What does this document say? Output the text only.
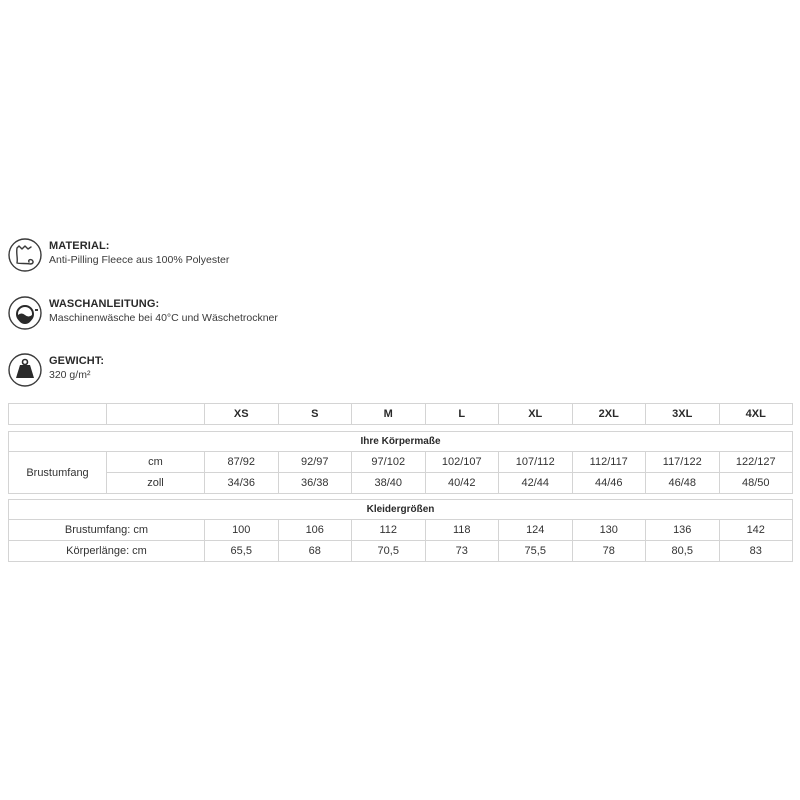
MATERIAL:
Anti-Pilling Fleece aus 100% Polyester
WASCHANLEITUNG:
Maschinenwäsche bei 40°C und Wäschetrockner
GEWICHT:
320 g/m²
		XS	S	M	L	XL	2XL	3XL	4XL
Ihre Körpermaße									
Brustumfang	cm	87/92	92/97	97/102	102/107	107/112	112/117	117/122	122/127
	zoll	34/36	36/38	38/40	40/42	42/44	44/46	46/48	48/50
Kleidergrößen								
Brustumfang: cm	100	106	112	118	124	130	136	142
Körperlänge: cm	65,5	68	70,5	73	75,5	78	80,5	83
